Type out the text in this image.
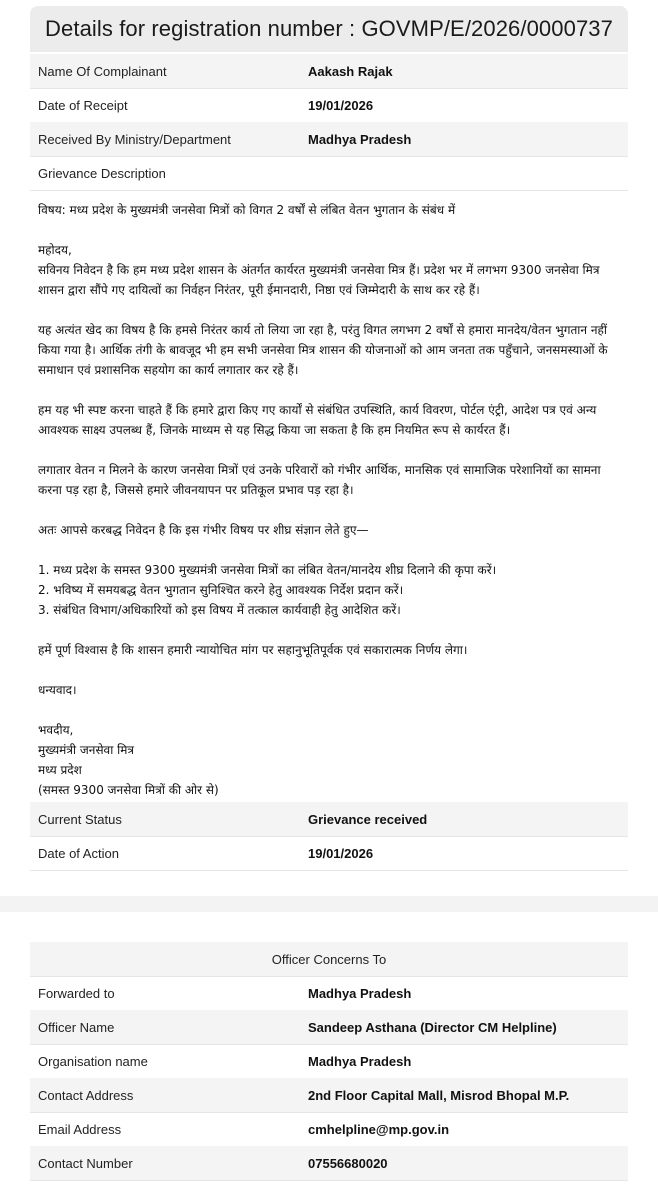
Details for registration number : GOVMP/E/2026/0000737
Name Of Complainant	Aakash Rajak
Date of Receipt	19/01/2026
Received By Ministry/Department	Madhya Pradesh
Grievance Description

विषय: मध्य प्रदेश के मुख्यमंत्री जनसेवा मित्रों को विगत 2 वर्षों से लंबित वेतन भुगतान के संबंध में

महोदय,

सविनय निवेदन है कि हम मध्य प्रदेश शासन के अंतर्गत कार्यरत मुख्यमंत्री जनसेवा मित्र हैं। प्रदेश भर में लगभग 9300 जनसेवा मित्र शासन द्वारा सौंपे गए दायित्वों का निर्वहन निरंतर, पूरी ईमानदारी, निष्ठा एवं जिम्मेदारी के साथ कर रहे हैं।

यह अत्यंत खेद का विषय है कि हमसे निरंतर कार्य तो लिया जा रहा है, परंतु विगत लगभग 2 वर्षों से हमारा मानदेय/वेतन भुगतान नहीं किया गया है। आर्थिक तंगी के बावजूद भी हम सभी जनसेवा मित्र शासन की योजनाओं को आम जनता तक पहुँचाने, जनसमस्याओं के समाधान एवं प्रशासनिक सहयोग का कार्य लगातार कर रहे हैं।

हम यह भी स्पष्ट करना चाहते हैं कि हमारे द्वारा किए गए कार्यों से संबंधित उपस्थिति, कार्य विवरण, पोर्टल एंट्री, आदेश पत्र एवं अन्य आवश्यक साक्ष्य उपलब्ध हैं, जिनके माध्यम से यह सिद्ध किया जा सकता है कि हम नियमित रूप से कार्यरत हैं।

लगातार वेतन न मिलने के कारण जनसेवा मित्रों एवं उनके परिवारों को गंभीर आर्थिक, मानसिक एवं सामाजिक परेशानियों का सामना करना पड़ रहा है, जिससे हमारे जीवनयापन पर प्रतिकूल प्रभाव पड़ रहा है।

अतः आपसे करबद्ध निवेदन है कि इस गंभीर विषय पर शीघ्र संज्ञान लेते हुए—

1. मध्य प्रदेश के समस्त 9300 मुख्यमंत्री जनसेवा मित्रों का लंबित वेतन/मानदेय शीघ्र दिलाने की कृपा करें।

2. भविष्य में समयबद्ध वेतन भुगतान सुनिश्चित करने हेतु आवश्यक निर्देश प्रदान करें।

3. संबंधित विभाग/अधिकारियों को इस विषय में तत्काल कार्यवाही हेतु आदेशित करें।

हमें पूर्ण विश्वास है कि शासन हमारी न्यायोचित मांग पर सहानुभूतिपूर्वक एवं सकारात्मक निर्णय लेगा।

धन्यवाद।

भवदीय,

मुख्यमंत्री जनसेवा मित्र

मध्य प्रदेश

(समस्त 9300 जनसेवा मित्रों की ओर से)

Current Status	Grievance received
Date of Action	19/01/2026
Officer Concerns To
Forwarded to	Madhya Pradesh
Officer Name	Sandeep Asthana (Director CM Helpline)
Organisation name	Madhya Pradesh
Contact Address	2nd Floor Capital Mall, Misrod Bhopal M.P.
Email Address	cmhelpline@mp.gov.in
Contact Number	07556680020
